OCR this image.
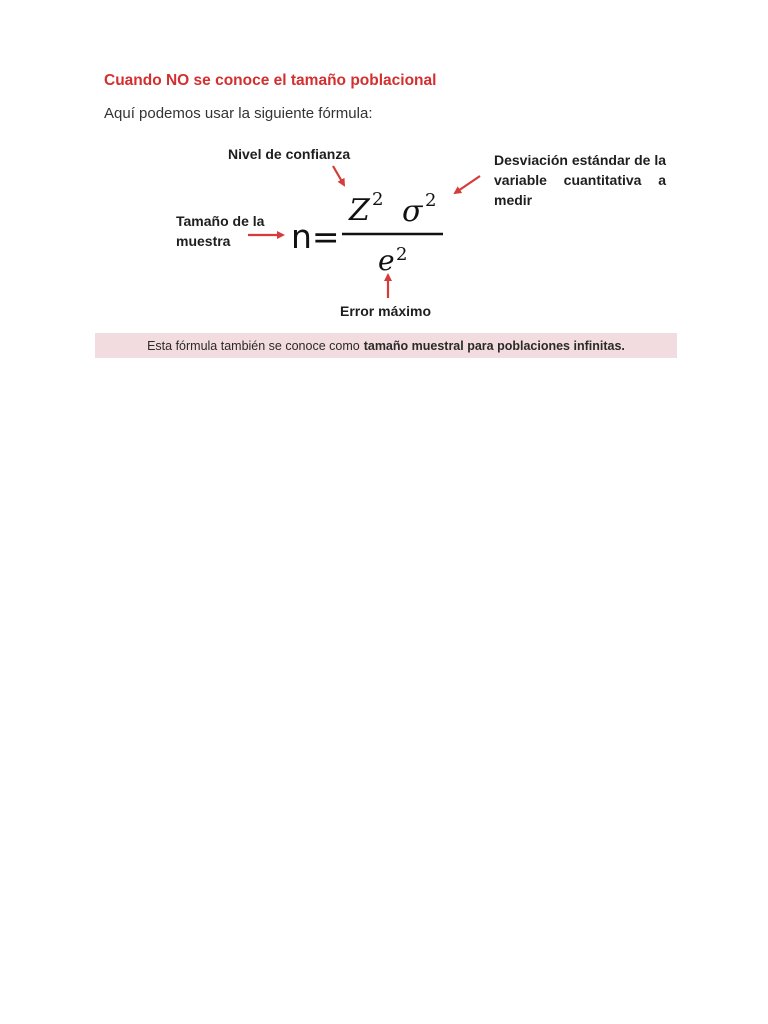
Cuando NO se conoce el tamaño poblacional
Aquí podemos usar la siguiente fórmula:
n=
Z 2 σ 2
e 2
Nivel de confianza
Tamaño de la
muestra
Desviación estándar de la variable cuantitativa a medir
Error máximo
Esta fórmula también se conoce como tamaño muestral para poblaciones infinitas.
